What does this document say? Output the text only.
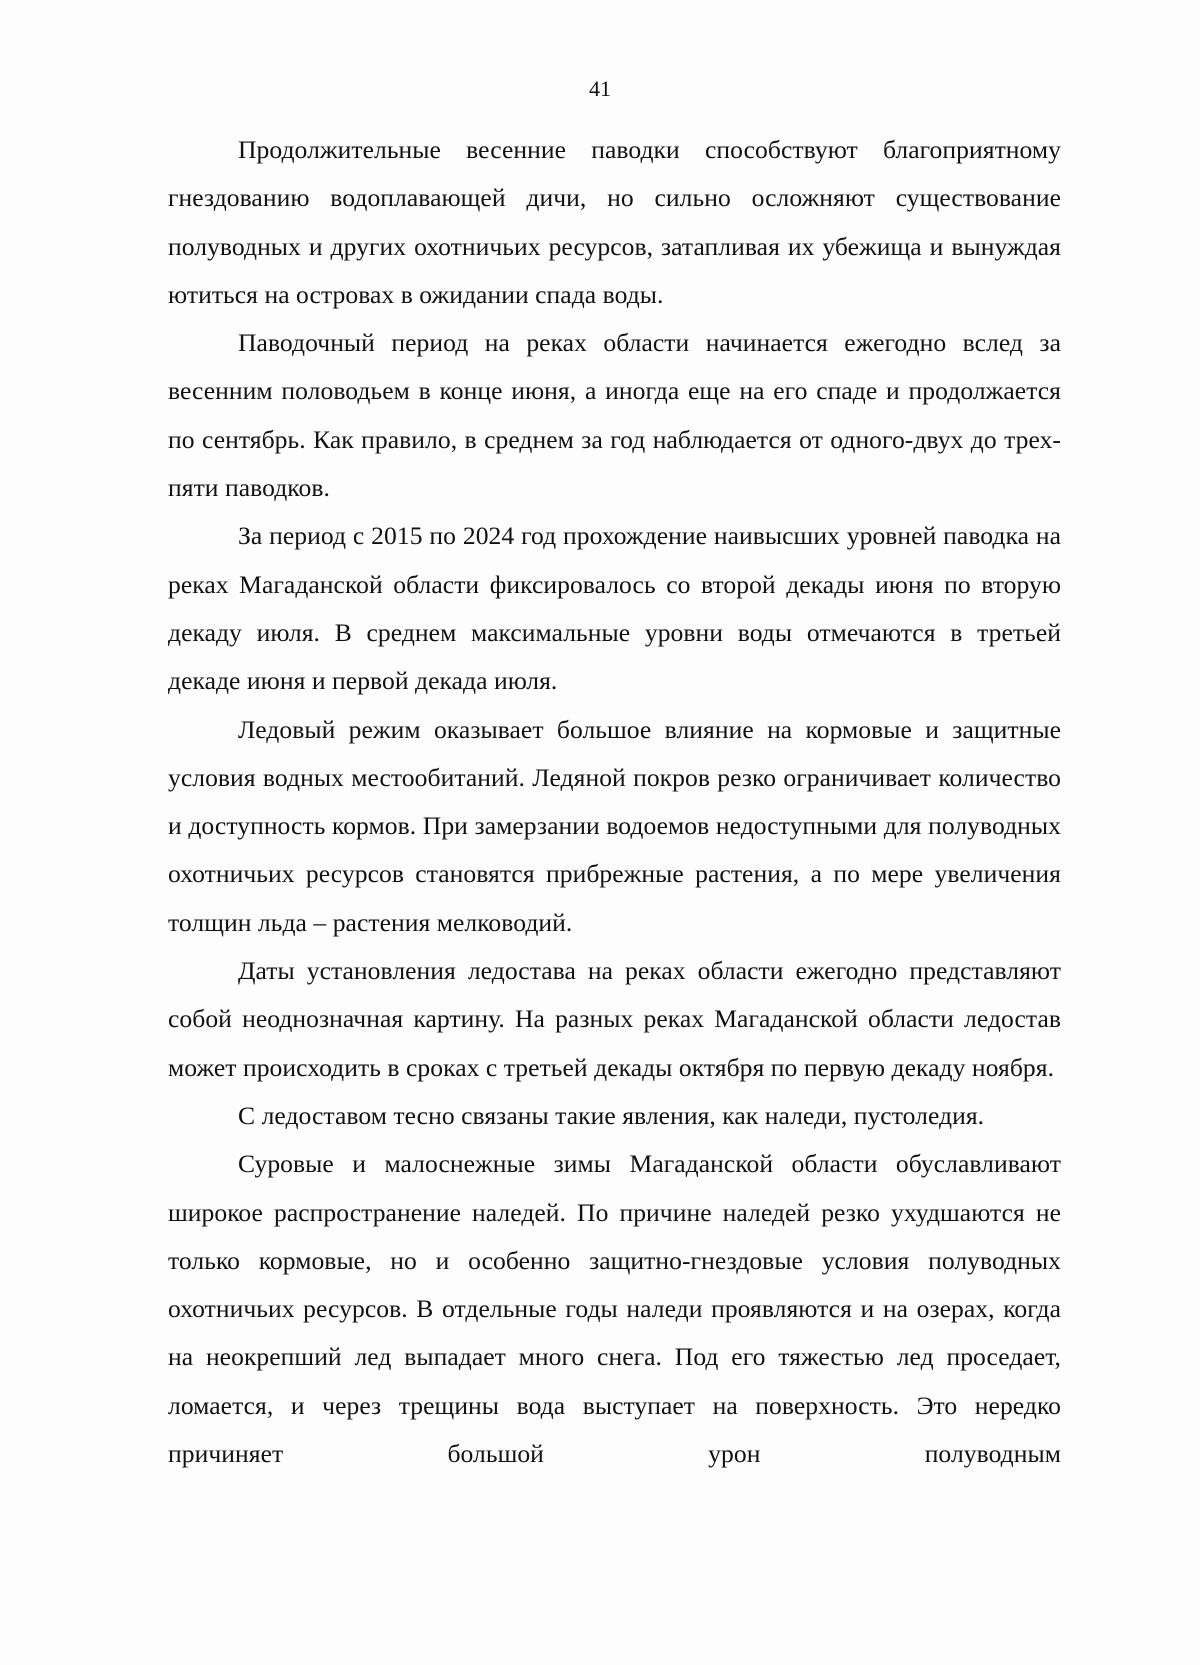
41

Продолжительные весенние паводки способствуют благоприятному гнездованию водоплавающей дичи, но сильно осложняют существование полуводных и других охотничьих ресурсов, затапливая их убежища и вынуждая ютиться на островах в ожидании спада воды.

Паводочный период на реках области начинается ежегодно вслед за весенним половодьем в конце июня, а иногда еще на его спаде и продолжается по сентябрь. Как правило, в среднем за год наблюдается от одного-двух до трех-пяти паводков.

За период с 2015 по 2024 год прохождение наивысших уровней паводка на реках Магаданской области фиксировалось со второй декады июня по вторую декаду июля. В среднем максимальные уровни воды отмечаются в третьей декаде июня и первой декада июля.

Ледовый режим оказывает большое влияние на кормовые и защитные условия водных местообитаний. Ледяной покров резко ограничивает количество и доступность кормов. При замерзании водоемов недоступными для полуводных охотничьих ресурсов становятся прибрежные растения, а по мере увеличения толщин льда – растения мелководий.

Даты установления ледостава на реках области ежегодно представляют собой неоднозначная картину. На разных реках Магаданской области ледостав может происходить в сроках с третьей декады октября по первую декаду ноября.

С ледоставом тесно связаны такие явления, как наледи, пустоледия.

Суровые и малоснежные зимы Магаданской области обуславливают широкое распространение наледей. По причине наледей резко ухудшаются не только кормовые, но и особенно защитно-гнездовые условия полуводных охотничьих ресурсов. В отдельные годы наледи проявляются и на озерах, когда на неокрепший лед выпадает много снега. Под его тяжестью лед проседает, ломается, и через трещины вода выступает на поверхность. Это нередко причиняет большой урон полуводным
